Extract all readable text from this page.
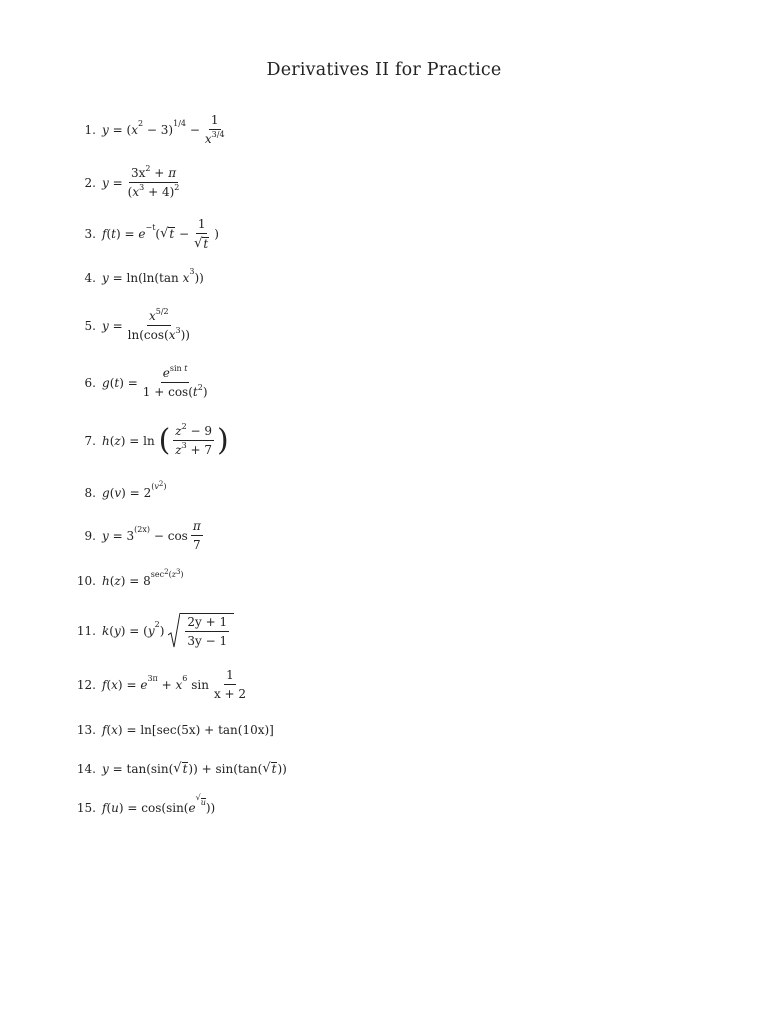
Derivatives II for Practice
1. y
=
( $x^2$
−
3 )$^{1/4}$
− $\frac{1}{x^{3/4}}$
2. y
= $\frac{3x^2 + \pi}{(x^3 + 4)^2}$
3. f ( t )
=
$e^{-t}$ ( √ t
− $\frac{1}{√ t}$ )
4. y
=
ln ( ln ( tan
$x^3$ ))
5. y
= $\frac{x^{5/2}}{\ln(\cos(x^3))}$
6. g ( t )
= $\frac{e^{sin t}}{1 + \cos(t^2)}$
7. h ( z )
=
ln
( $\frac{z^2 - 9}{z^3 + 7}$ )
8. g ( v )
=
2 $^{(v^2)}$
9. y
=
3 $^{(2x)}$
−
$\cos \frac{\pi}{7}$
10. h ( z )
=
8 $^{sec^2(z^3)}$
11. k ( y )
=
( $y^2$ ) $\frac{2y + 1}{3y - 1}$
12. f ( x )
=
$e^{3\pi}$
+
$x^6$
$\sin \frac{1}{x + 2}$
13. f ( x )
=
ln [ sec(5x)
+
tan(10x) ]
14. y
=
tan(sin( √ t ))
+
sin(tan( √ t ))
15. f ( u )
=
cos(sin( e
$^{√ u}$ ))
